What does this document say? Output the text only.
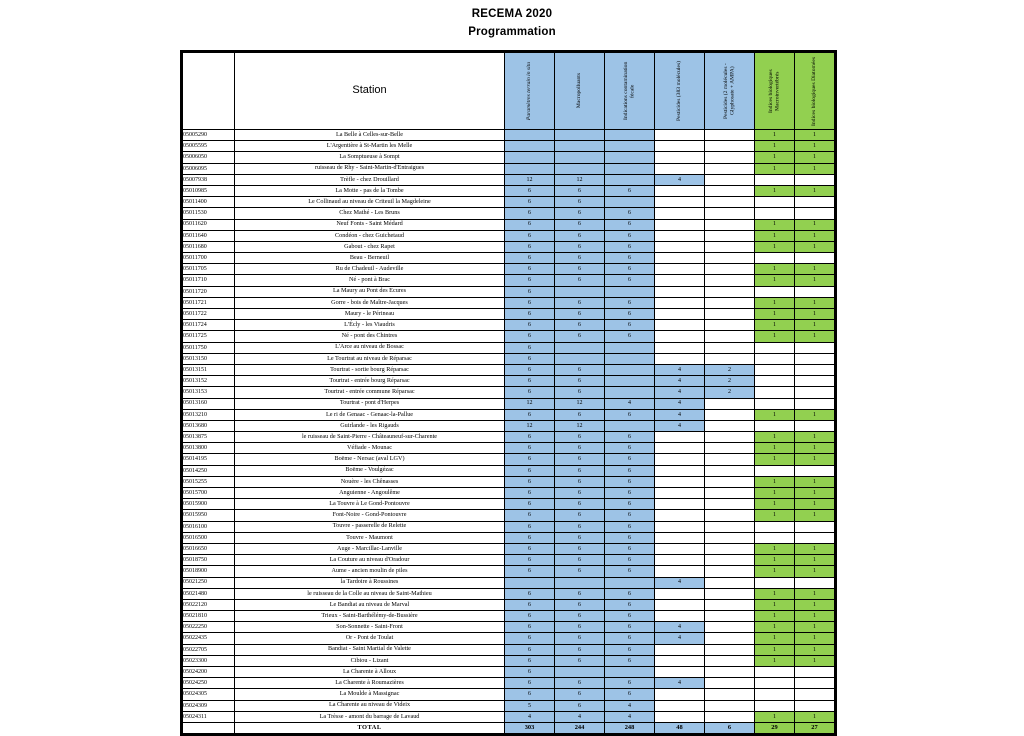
RECEMA 2020
Programmation
	Station	Paramètres terrain in situ	Macropolluants	Indications contamination fécale	Pesticides (383 molécules)	Pesticides (2 molécules - Glyphosate + AMPA)	Indices biologiques Macroinvertébrés	Indices biologiques Diatomées

05005290	La Belle à Celles-sur-Belle						1	1
05005595	L'Argentière à St-Martin les Melle						1	1
05006050	La Somptueuse à Sompt						1	1
05006095	ruisseau de Rhy - Saint-Martin-d'Entraigues						1	1
05007938	Trèfle - chez Drouillard	12	12		4			
05010985	La Motte - pas de la Tombe	6	6	6			1	1
05011400	Le Collinaud au niveau de Criteuil la Magdeleine	6	6					
05011530	Chez Mathé - Les Bruns	6	6	6				
05011620	Neuf Fonts - Saint Médard	6	6	6			1	1
05011640	Condéon - chez Guichetaud	6	6	6			1	1
05011680	Gabout - chez Rapet	6	6	6			1	1
05011700	Beau - Berneuil	6	6	6				
05011705	Ru de Chadeuil - Audeville	6	6	6			1	1
05011710	Né - pont à Brac	6	6	6			1	1
05011720	La Maury au Pont des Ecures	6						
05011721	Gorre - bois de Maître-Jacques	6	6	6			1	1
05011722	Maury - le Périneau	6	6	6			1	1
05011724	L'Écly - les Viaudris	6	6	6			1	1
05011725	Né - pont des Chintres	6	6	6			1	1
05011750	L'Arce au niveau de Bossac	6						
05013150	Le Tourtrat au niveau de Réparsac	6						
05013151	Tourtrat - sortie bourg Réparsac	6	6		4	2		
05013152	Tourtrat - entrée bourg Réparsac	6	6		4	2		
05013153	Tourtrat - entrée commune Réparsac	6	6		4	2		
05013160	Tourtrat - pont d'Herpes	12	12	4	4			
05013210	Le ri de Genaac - Genaac-la-Pallue	6	6	6	4		1	1
05013680	Guirlande - les Rigauds	12	12		4			
05013875	le ruisseau de Saint-Pierre - Châteauneuf-sur-Charente	6	6	6			1	1
05013800	Véfiade - Mounac	6	6	6			1	1
05014195	Boëme - Nersac (aval LGV)	6	6	6			1	1
05014250	Boëme - Voulgézac	6	6	6				
05015255	Nouère - les Chênasses	6	6	6			1	1
05015700	Anguienne - Angoulême	6	6	6			1	1
05015900	La Touvre à Le Gond-Pontouvre	6	6	6			1	1
05015950	Font-Noire - Gond-Pontouvre	6	6	6			1	1
05016100	Touvre - passerelle de Relette	6	6	6				
05016500	Touvre - Maumont	6	6	6				
05016650	Auge - Marcillac-Lanville	6	6	6			1	1
05018750	La Couture au niveau d'Oradour	6	6	6			1	1
05018900	Aume - ancien moulin de piles	6	6	6			1	1
05021250	la Tardoire à Roussines				4			
05021480	le ruisseau de la Colle au niveau de Saint-Mathieu	6	6	6			1	1
05022120	Le Bandiat au niveau de Marval	6	6	6			1	1
05021810	Trieux - Saint-Barthélémy-de-Bussière	6	6	6			1	1
05022250	Son-Sonnette - Saint-Front	6	6	6	4		1	1
05022435	Or - Pont de Toulat	6	6	6	4		1	1
05022705	Bandiat - Saint Martial de Valette	6	6	6			1	1
05023300	Cibiou - Lizant	6	6	6			1	1
05024200	La Charente à Alloux	6						
05024250	La Charente à Roumazières	6	6	6	4			
05024305	La Moulde à Massignac	6	6	6				
05024309	La Charente au niveau de Videix	5	6	4				
05024311	La Trèsse - amont du barrage de Lavaud	4	4	4			1	1
	TOTAL	303	244	248	48	6	29	27
